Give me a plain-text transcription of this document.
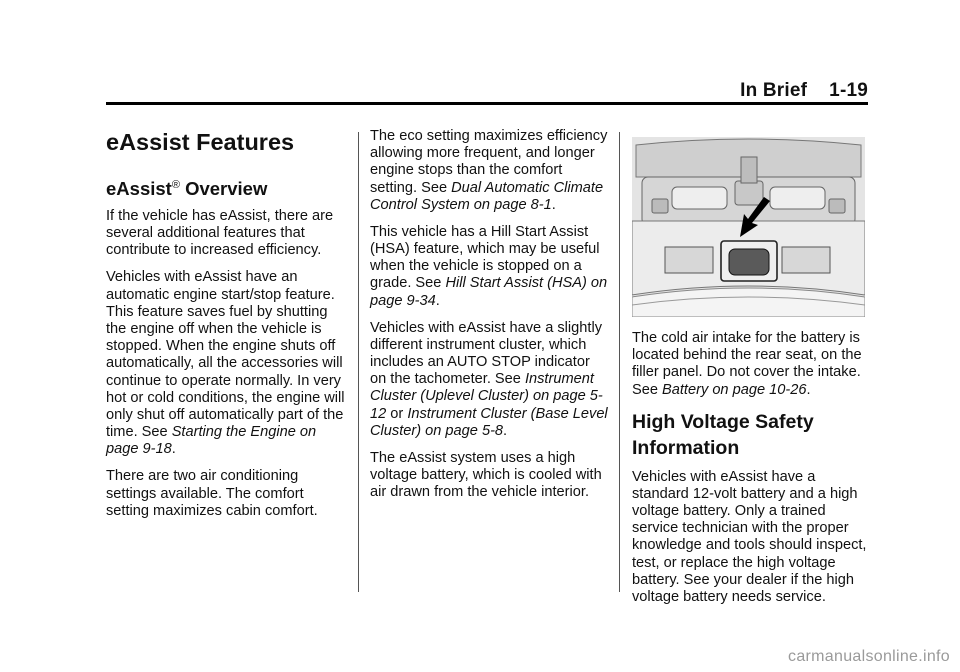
In Brief 1-19
eAssist Features
eAssist® Overview

If the vehicle has eAssist, there are several additional features that contribute to increased efficiency.

Vehicles with eAssist have an automatic engine start/stop feature. This feature saves fuel by shutting the engine off when the vehicle is stopped. When the engine shuts off automatically, all the accessories will continue to operate normally. In very hot or cold conditions, the engine will only shut off automatically part of the time. See Starting the Engine on page 9-18.

There are two air conditioning settings available. The comfort setting maximizes cabin comfort.

The eco setting maximizes efficiency allowing more frequent, and longer engine stops than the comfort setting. See Dual Automatic Climate Control System on page 8-1.

This vehicle has a Hill Start Assist (HSA) feature, which may be useful when the vehicle is stopped on a grade. See Hill Start Assist (HSA) on page 9-34.

Vehicles with eAssist have a slightly different instrument cluster, which includes an AUTO STOP indicator on the tachometer. See Instrument Cluster (Uplevel Cluster) on page 5-12 or Instrument Cluster (Base Level Cluster) on page 5-8.

The eAssist system uses a high voltage battery, which is cooled with air drawn from the vehicle interior.

The cold air intake for the battery is located behind the rear seat, on the filler panel. Do not cover the intake. See Battery on page 10-26.

High Voltage Safety Information

Vehicles with eAssist have a standard 12-volt battery and a high voltage battery. Only a trained service technician with the proper knowledge and tools should inspect, test, or replace the high voltage battery. See your dealer if the high voltage battery needs service.

carmanualsonline.info
